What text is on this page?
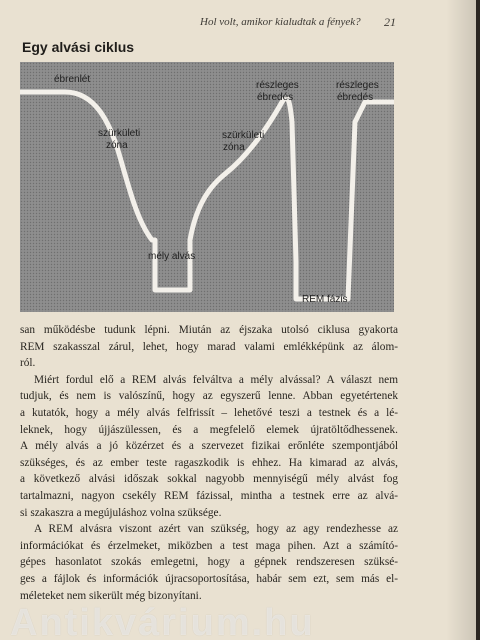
Hol volt, amikor kialudtak a fények?	21
Egy alvási ciklus
ébrenlét
szürkületi zóna
mély alvás
szürkületi zóna
részleges ébredés
részleges ébredés
REM fázis
san működésbe tudunk lépni. Miután az éjszaka utolsó ciklusa gyakorta
REM szakasszal zárul, lehet, hogy marad valami emlékképünk az álom-
ról.
Miért fordul elő a REM alvás felváltva a mély alvással? A választ nem
tudjuk, és nem is valószínű, hogy az egyszerű lenne. Abban egyetértenek
a kutatók, hogy a mély alvás felfrissít – lehetővé teszi a testnek és a lé-
leknek, hogy újjászülessen, és a megfelelő elemek újratöltődhessenek.
A mély alvás a jó közérzet és a szervezet fizikai erőnléte szempontjából
szükséges, és az ember teste ragaszkodik is ehhez. Ha kimarad az alvás,
a következő alvási időszak sokkal nagyobb mennyiségű mély alvást fog
tartalmazni, nagyon csekély REM fázissal, mintha a testnek erre az alvá-
si szakaszra a megújuláshoz volna szüksége.
A REM alvásra viszont azért van szükség, hogy az agy rendezhesse az
információkat és érzelmeket, miközben a test maga pihen. Azt a számító-
gépes hasonlatot szokás emlegetni, hogy a gépnek rendszeresen szüksé-
ges a fájlok és információk újracsoportosítása, habár sem ezt, sem más el-
méleteket nem sikerült még bizonyítani.
Antikvárium.hu
